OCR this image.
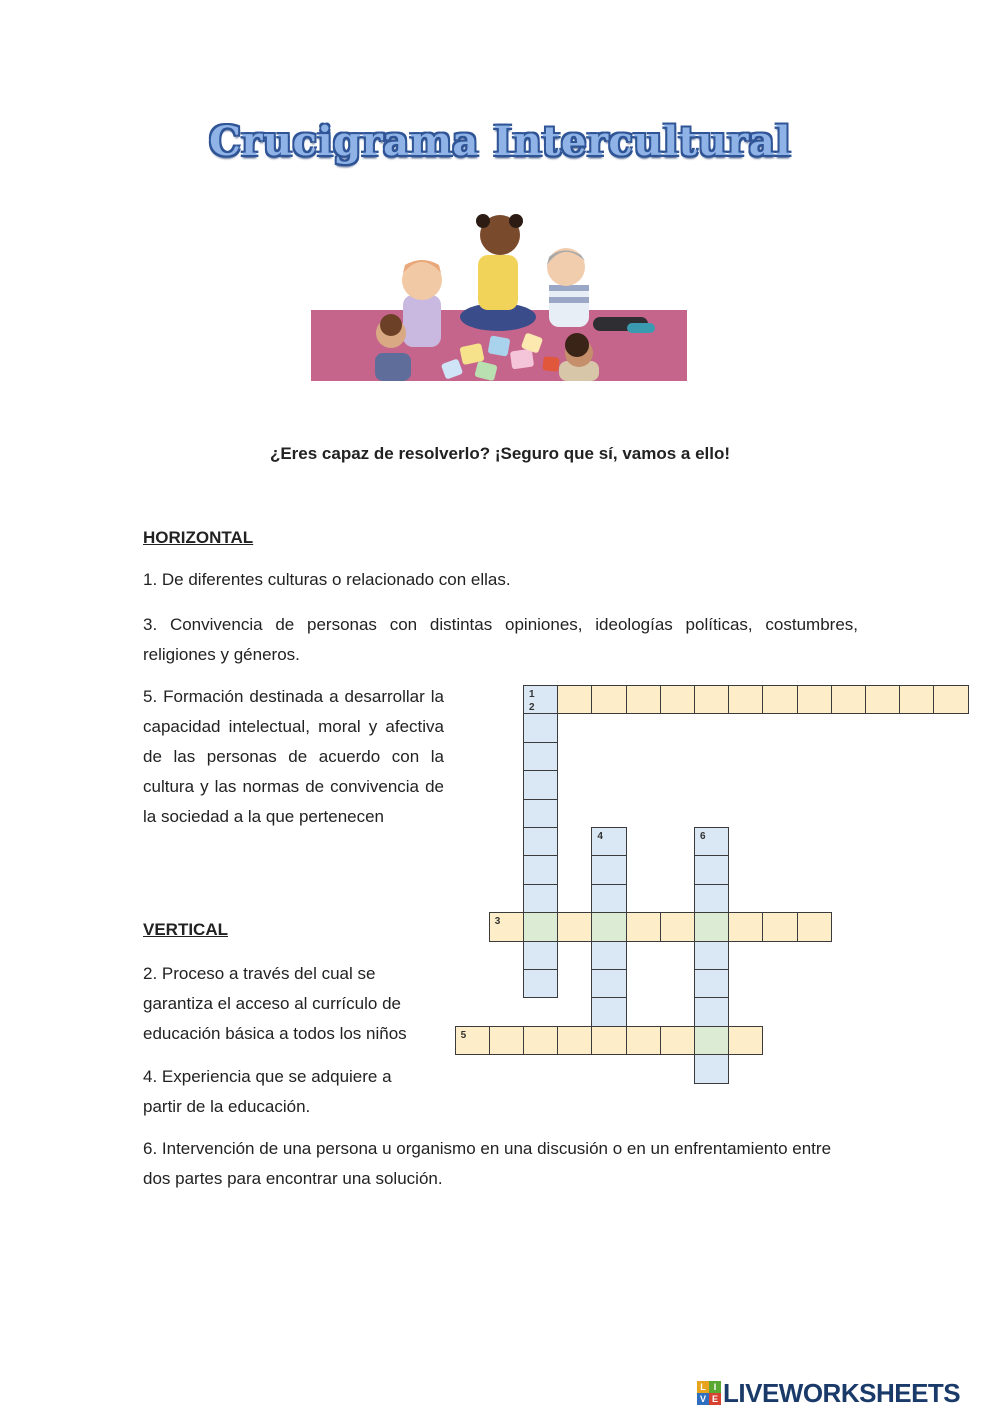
Crucigrama Intercultural
¿Eres capaz de resolverlo? ¡Seguro que sí, vamos a ello!
HORIZONTAL
1. De diferentes culturas o relacionado con ellas.
3. Convivencia de personas con distintas opiniones, ideologías políticas, costumbres, religiones y géneros.
5. Formación destinada a desarrollar la capacidad intelectual, moral y afectiva de las personas de acuerdo con la cultura y las normas de convivencia de la sociedad a la que pertenecen
VERTICAL
2. Proceso a través del cual se garantiza el acceso al currículo de educación básica a todos los niños
4. Experiencia que se adquiere a partir de la educación.
6. Intervención de una persona u organismo en una discusión o en un enfrentamiento entre dos partes para encontrar una solución.
4	6
1
2
3
5
L I
V E LIVEWORKSHEETS
